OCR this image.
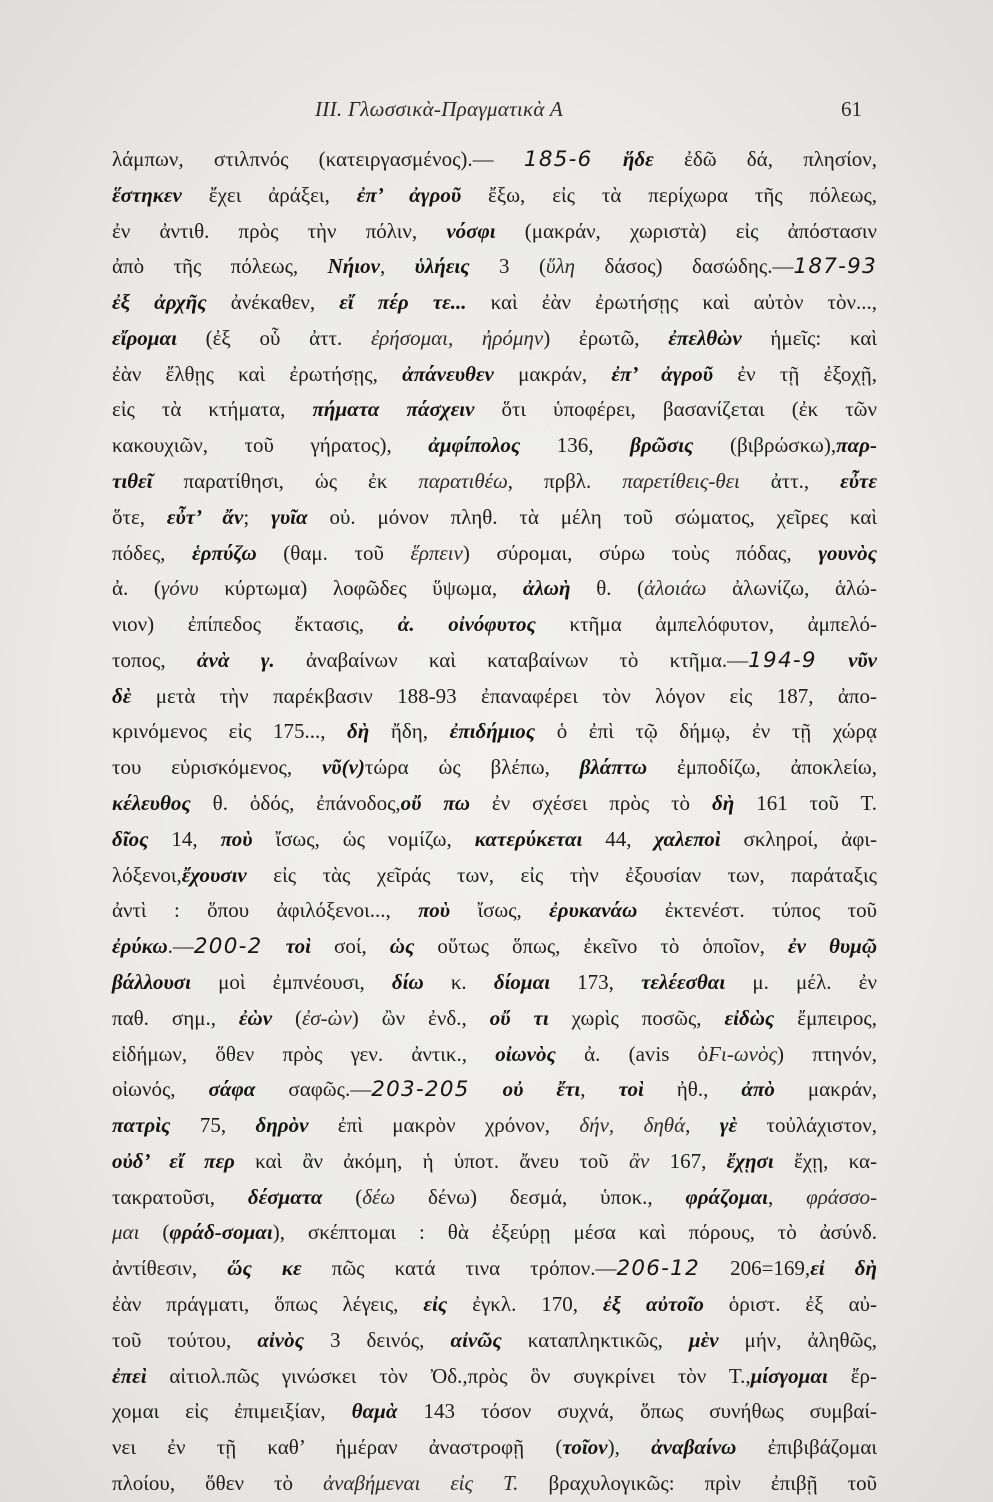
ΙΙΙ. Γλωσσικὰ-Πραγματικὰ Α	61
λάμπων, στιλπνός (κατειργασμένος).— 185-6 ἥδε ἐδῶ δά, πλησίον,
ἕστηκεν ἔχει ἀράξει, ἐπ’ ἀγροῦ ἔξω, εἰς τὰ περίχωρα τῆς πόλεως,
ἐν ἀντιθ. πρὸς τὴν πόλιν, νόσφι (μακράν, χωριστὰ) εἰς ἀπόστασιν
ἀπὸ τῆς πόλεως, Νήιον, ὑλήεις 3 (ὕλη δάσος) δασώδης.—187-93
ἐξ ἀρχῆς ἀνέκαθεν, εἴ πέρ τε... καὶ ἐὰν ἐρωτήσῃς καὶ αὐτὸν τὸν...,
εἴρομαι (ἐξ οὗ ἀττ. ἐρήσομαι, ἠρόμην) ἐρωτῶ, ἐπελθὼν ἡμεῖς: καὶ
ἐὰν ἔλθῃς καὶ ἐρωτήσῃς, ἀπάνευθεν μακράν, ἐπ’ ἀγροῦ ἐν τῇ ἐξοχῇ,
εἰς τὰ κτήματα, πήματα πάσχειν ὅτι ὑποφέρει, βασανίζεται (ἐκ τῶν
κακουχιῶν, τοῦ γήρατος), ἀμφίπολος 136, βρῶσις (βιβρώσκω),παρ-
τιθεῖ παρατίθησι, ὡς ἐκ παρατιθέω, πρβλ. παρετίθεις-θει ἀττ., εὖτε
ὅτε, εὖτ’ ἄν; γυῖα οὐ. μόνον πληθ. τὰ μέλη τοῦ σώματος, χεῖρες καὶ
πόδες, ἑρπύζω (θαμ. τοῦ ἕρπειν) σύρομαι, σύρω τοὺς πόδας, γουνὸς
ἀ. (γόνυ κύρτωμα) λοφῶδες ὕψωμα, ἀλωὴ θ. (ἀλοιάω ἀλωνίζω, ἁλώ-
νιον) ἐπίπεδος ἔκτασις, ἀ. οἰνόφυτος κτῆμα ἀμπελόφυτον, ἀμπελό-
τοπος, ἀνὰ γ. ἀναβαίνων καὶ καταβαίνων τὸ κτῆμα.—194-9 νῦν
δὲ μετὰ τὴν παρέκβασιν 188-93 ἐπαναφέρει τὸν λόγον εἰς 187, ἀπο-
κρινόμενος εἰς 175..., δὴ ἤδη, ἐπιδήμιος ὁ ἐπὶ τῷ δήμῳ, ἐν τῇ χώρᾳ
του εὑρισκόμενος, νῦ(ν)τώρα ὡς βλέπω, βλάπτω ἐμποδίζω, ἀποκλείω,
κέλευθος θ. ὁδός, ἐπάνοδος,οὔ πω ἐν σχέσει πρὸς τὸ δὴ 161 τοῦ Τ.
δῖος 14, ποὺ ἴσως, ὡς νομίζω, κατερύκεται 44, χαλεποὶ σκληροί, ἀφι-
λόξενοι,ἔχουσιν εἰς τὰς χεῖράς των, εἰς τὴν ἐξουσίαν των, παράταξις
ἀντὶ : ὅπου ἀφιλόξενοι..., ποὺ ἴσως, ἐρυκανάω ἐκτενέστ. τύπος τοῦ
ἐρύκω.—200-2 τοὶ σοί, ὡς οὕτως ὅπως, ἐκεῖνο τὸ ὁποῖον, ἐν θυμῷ
βάλλουσι μοὶ ἐμπνέουσι, δίω κ. δίομαι 173, τελέεσθαι μ. μέλ. ἐν
παθ. σημ., ἐὼν (ἐσ-ὼν) ὢν ἐνδ., οὔ τι χωρὶς ποσῶς, εἰδὼς ἔμπειρος,
εἰδήμων, ὅθεν πρὸς γεν. ἀντικ., οἰωνὸς ἀ. (avis ὀϜι-ωνὸς) πτηνόν,
οἰωνός, σάφα σαφῶς.—203-205 οὐ ἔτι, τοὶ ἠθ., ἀπὸ μακράν,
πατρὶς 75, δηρὸν ἐπὶ μακρὸν χρόνον, δήν, δηθά, γὲ τοὐλάχιστον,
οὐδ’ εἴ περ καὶ ἂν ἀκόμη, ἡ ὑποτ. ἄνευ τοῦ ἂν 167, ἔχῃσι ἔχῃ, κα-
τακρατοῦσι, δέσματα (δέω δένω) δεσμά, ὑποκ., φράζομαι, φράσσο-
μαι (φράδ-σομαι), σκέπτομαι : θὰ ἐξεύρῃ μέσα καὶ πόρους, τὸ ἀσύνδ.
ἀντίθεσιν, ὥς κε πῶς κατά τινα τρόπον.—206-12 206=169,εἰ δὴ
ἐὰν πράγματι, ὅπως λέγεις, εἰς ἐγκλ. 170, ἐξ αὐτοῖο ὁριστ. ἐξ αὐ-
τοῦ τούτου, αἰνὸς 3 δεινός, αἰνῶς καταπληκτικῶς, μὲν μήν, ἀληθῶς,
ἐπεὶ αἰτιολ.πῶς γινώσκει τὸν Ὀδ.,πρὸς ὃν συγκρίνει τὸν Τ.,μίσγομαι ἔρ-
χομαι εἰς ἐπιμειξίαν, θαμὰ 143 τόσον συχνά, ὅπως συνήθως συμβαί-
νει ἐν τῇ καθ’ ἡμέραν ἀναστροφῇ (τοῖον), ἀναβαίνω ἐπιβιβάζομαι
πλοίου, ὅθεν τὸ ἀναβήμεναι εἰς Τ. βραχυλογικῶς: πρὶν ἐπιβῇ τοῦ
